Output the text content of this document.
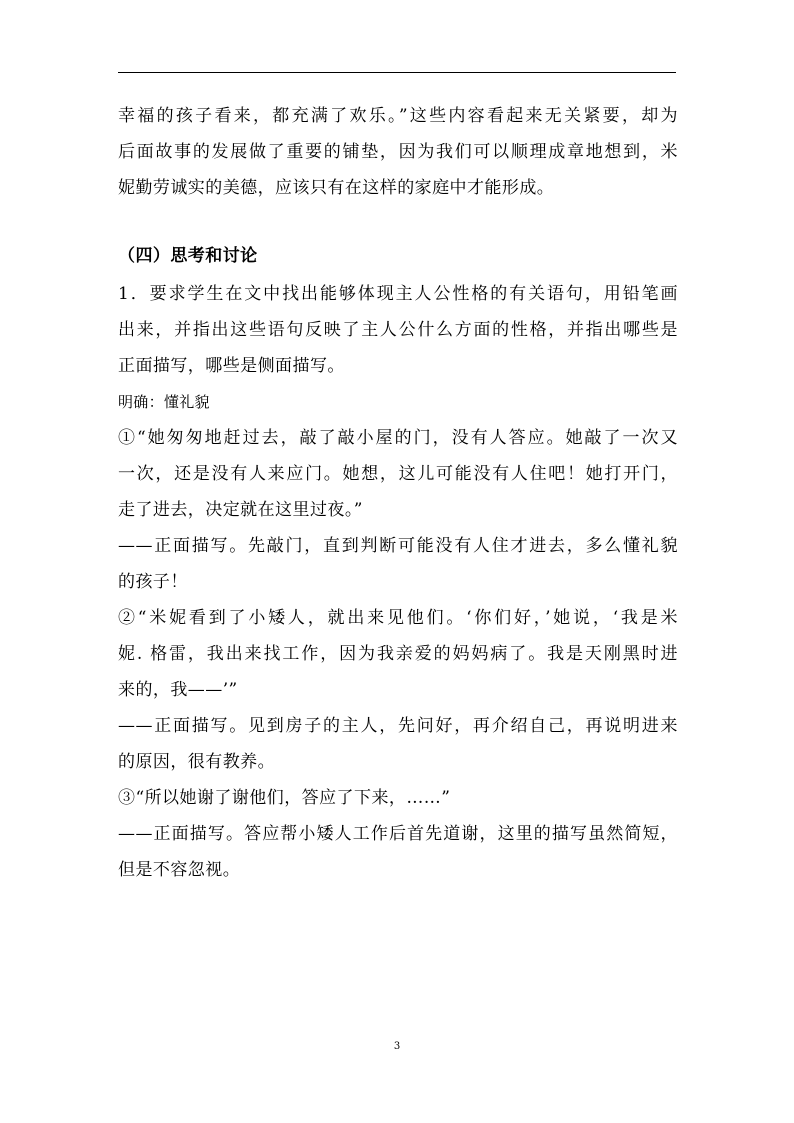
幸福的孩子看来，都充满了欢乐。”这些内容看起来无关紧要，却为
后面故事的发展做了重要的铺垫，因为我们可以顺理成章地想到，米
妮勤劳诚实的美德，应该只有在这样的家庭中才能形成。
（四）思考和讨论
1．要求学生在文中找出能够体现主人公性格的有关语句，用铅笔画
出来，并指出这些语句反映了主人公什么方面的性格，并指出哪些是
正面描写，哪些是侧面描写。
明确：懂礼貌
①“她匆匆地赶过去，敲了敲小屋的门，没有人答应。她敲了一次又
一次，还是没有人来应门。她想，这儿可能没有人住吧！她打开门，
走了进去，决定就在这里过夜。”
——正面描写。先敲门，直到判断可能没有人住才进去，多么懂礼貌
的孩子！
②“米妮看到了小矮人，就出来见他们。‘你们好，’她说，‘我是米
妮. 格雷，我出来找工作，因为我亲爱的妈妈病了。我是天刚黑时进
来的，我——’”
——正面描写。见到房子的主人，先问好，再介绍自己，再说明进来
的原因，很有教养。
③“所以她谢了谢他们，答应了下来，……”
——正面描写。答应帮小矮人工作后首先道谢，这里的描写虽然简短，
但是不容忽视。
3
